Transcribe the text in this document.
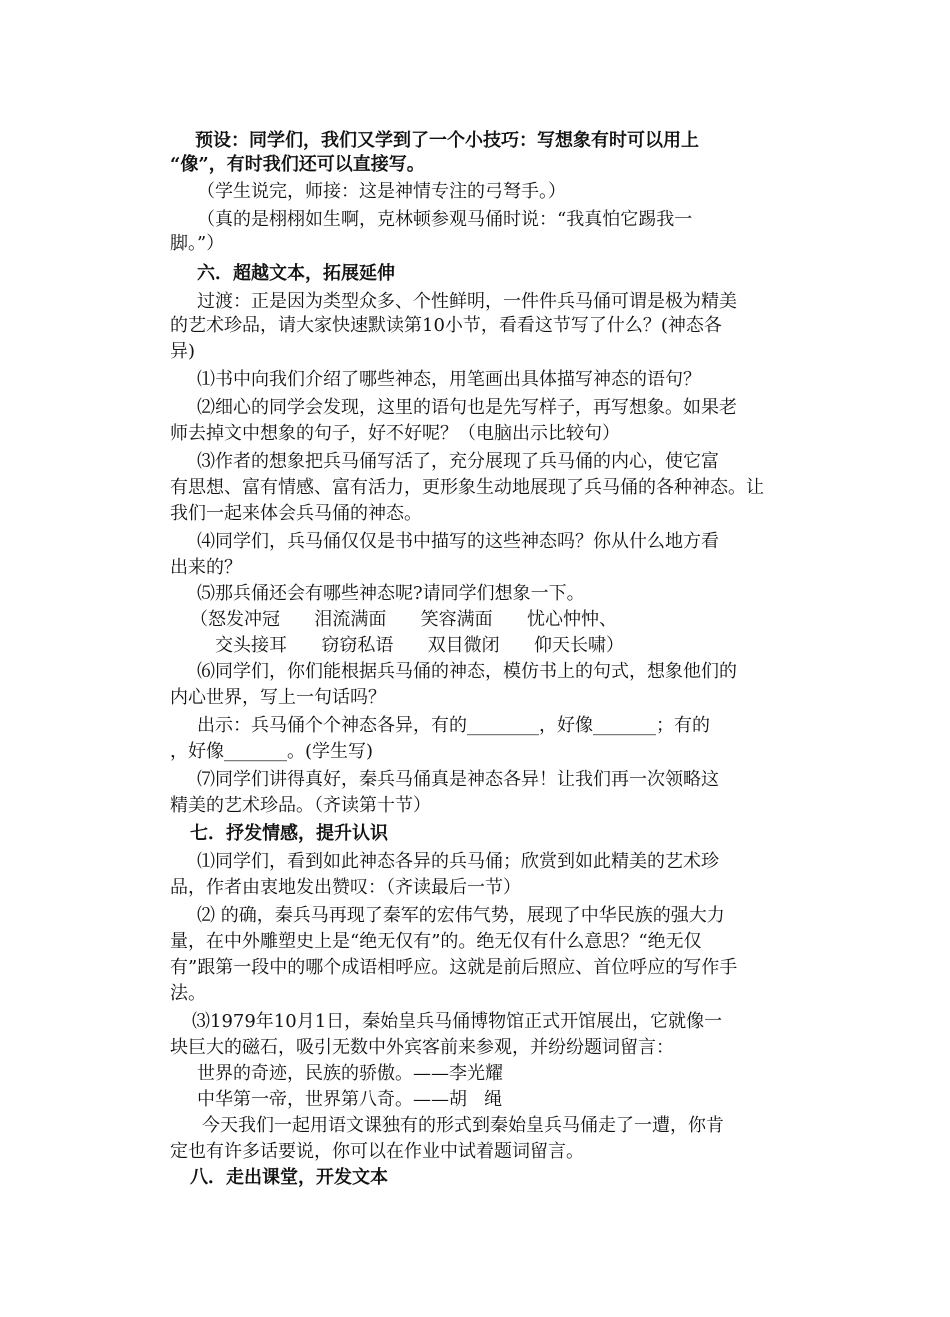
预设：同学们，我们又学到了一个小技巧：写想象有时可以用上

“像”，有时我们还可以直接写。

（学生说完，师接：这是神情专注的弓弩手。）

（真的是栩栩如生啊，克林顿参观马俑时说：“我真怕它踢我一

脚。”）

六．超越文本，拓展延伸

过渡：正是因为类型众多、个性鲜明，一件件兵马俑可谓是极为精美

的艺术珍品，请大家快速默读第10小节，看看这节写了什么？(神态各

异)

⑴书中向我们介绍了哪些神态，用笔画出具体描写神态的语句？

⑵细心的同学会发现，这里的语句也是先写样子，再写想象。如果老

师去掉文中想象的句子，好不好呢？（电脑出示比较句）

⑶作者的想象把兵马俑写活了，充分展现了兵马俑的内心，使它富

有思想、富有情感、富有活力，更形象生动地展现了兵马俑的各种神态。让

我们一起来体会兵马俑的神态。

⑷同学们，兵马俑仅仅是书中描写的这些神态吗？你从什么地方看

出来的？

⑸那兵俑还会有哪些神态呢?请同学们想象一下。

（怒发冲冠      泪流满面      笑容满面      忧心忡忡、

交头接耳      窃窃私语      双目微闭      仰天长啸）

⑹同学们，你们能根据兵马俑的神态，模仿书上的句式，想象他们的

内心世界，写上一句话吗？

出示：兵马俑个个神态各异，有的________，好像_______；有的

，好像_______。(学生写)

⑺同学们讲得真好，秦兵马俑真是神态各异！让我们再一次领略这

精美的艺术珍品。（齐读第十节）

七．抒发情感，提升认识

⑴同学们，看到如此神态各异的兵马俑；欣赏到如此精美的艺术珍

品，作者由衷地发出赞叹：（齐读最后一节）

⑵ 的确，秦兵马再现了秦军的宏伟气势，展现了中华民族的强大力

量，在中外雕塑史上是“绝无仅有”的。绝无仅有什么意思？“绝无仅

有”跟第一段中的哪个成语相呼应。这就是前后照应、首位呼应的写作手

法。

⑶1979年10月1日，秦始皇兵马俑博物馆正式开馆展出，它就像一

块巨大的磁石，吸引无数中外宾客前来参观，并纷纷题词留言：

世界的奇迹，民族的骄傲。——李光耀

中华第一帝，世界第八奇。——胡   绳

今天我们一起用语文课独有的形式到秦始皇兵马俑走了一遭，你肯

定也有许多话要说，你可以在作业中试着题词留言。

八．走出课堂，开发文本
